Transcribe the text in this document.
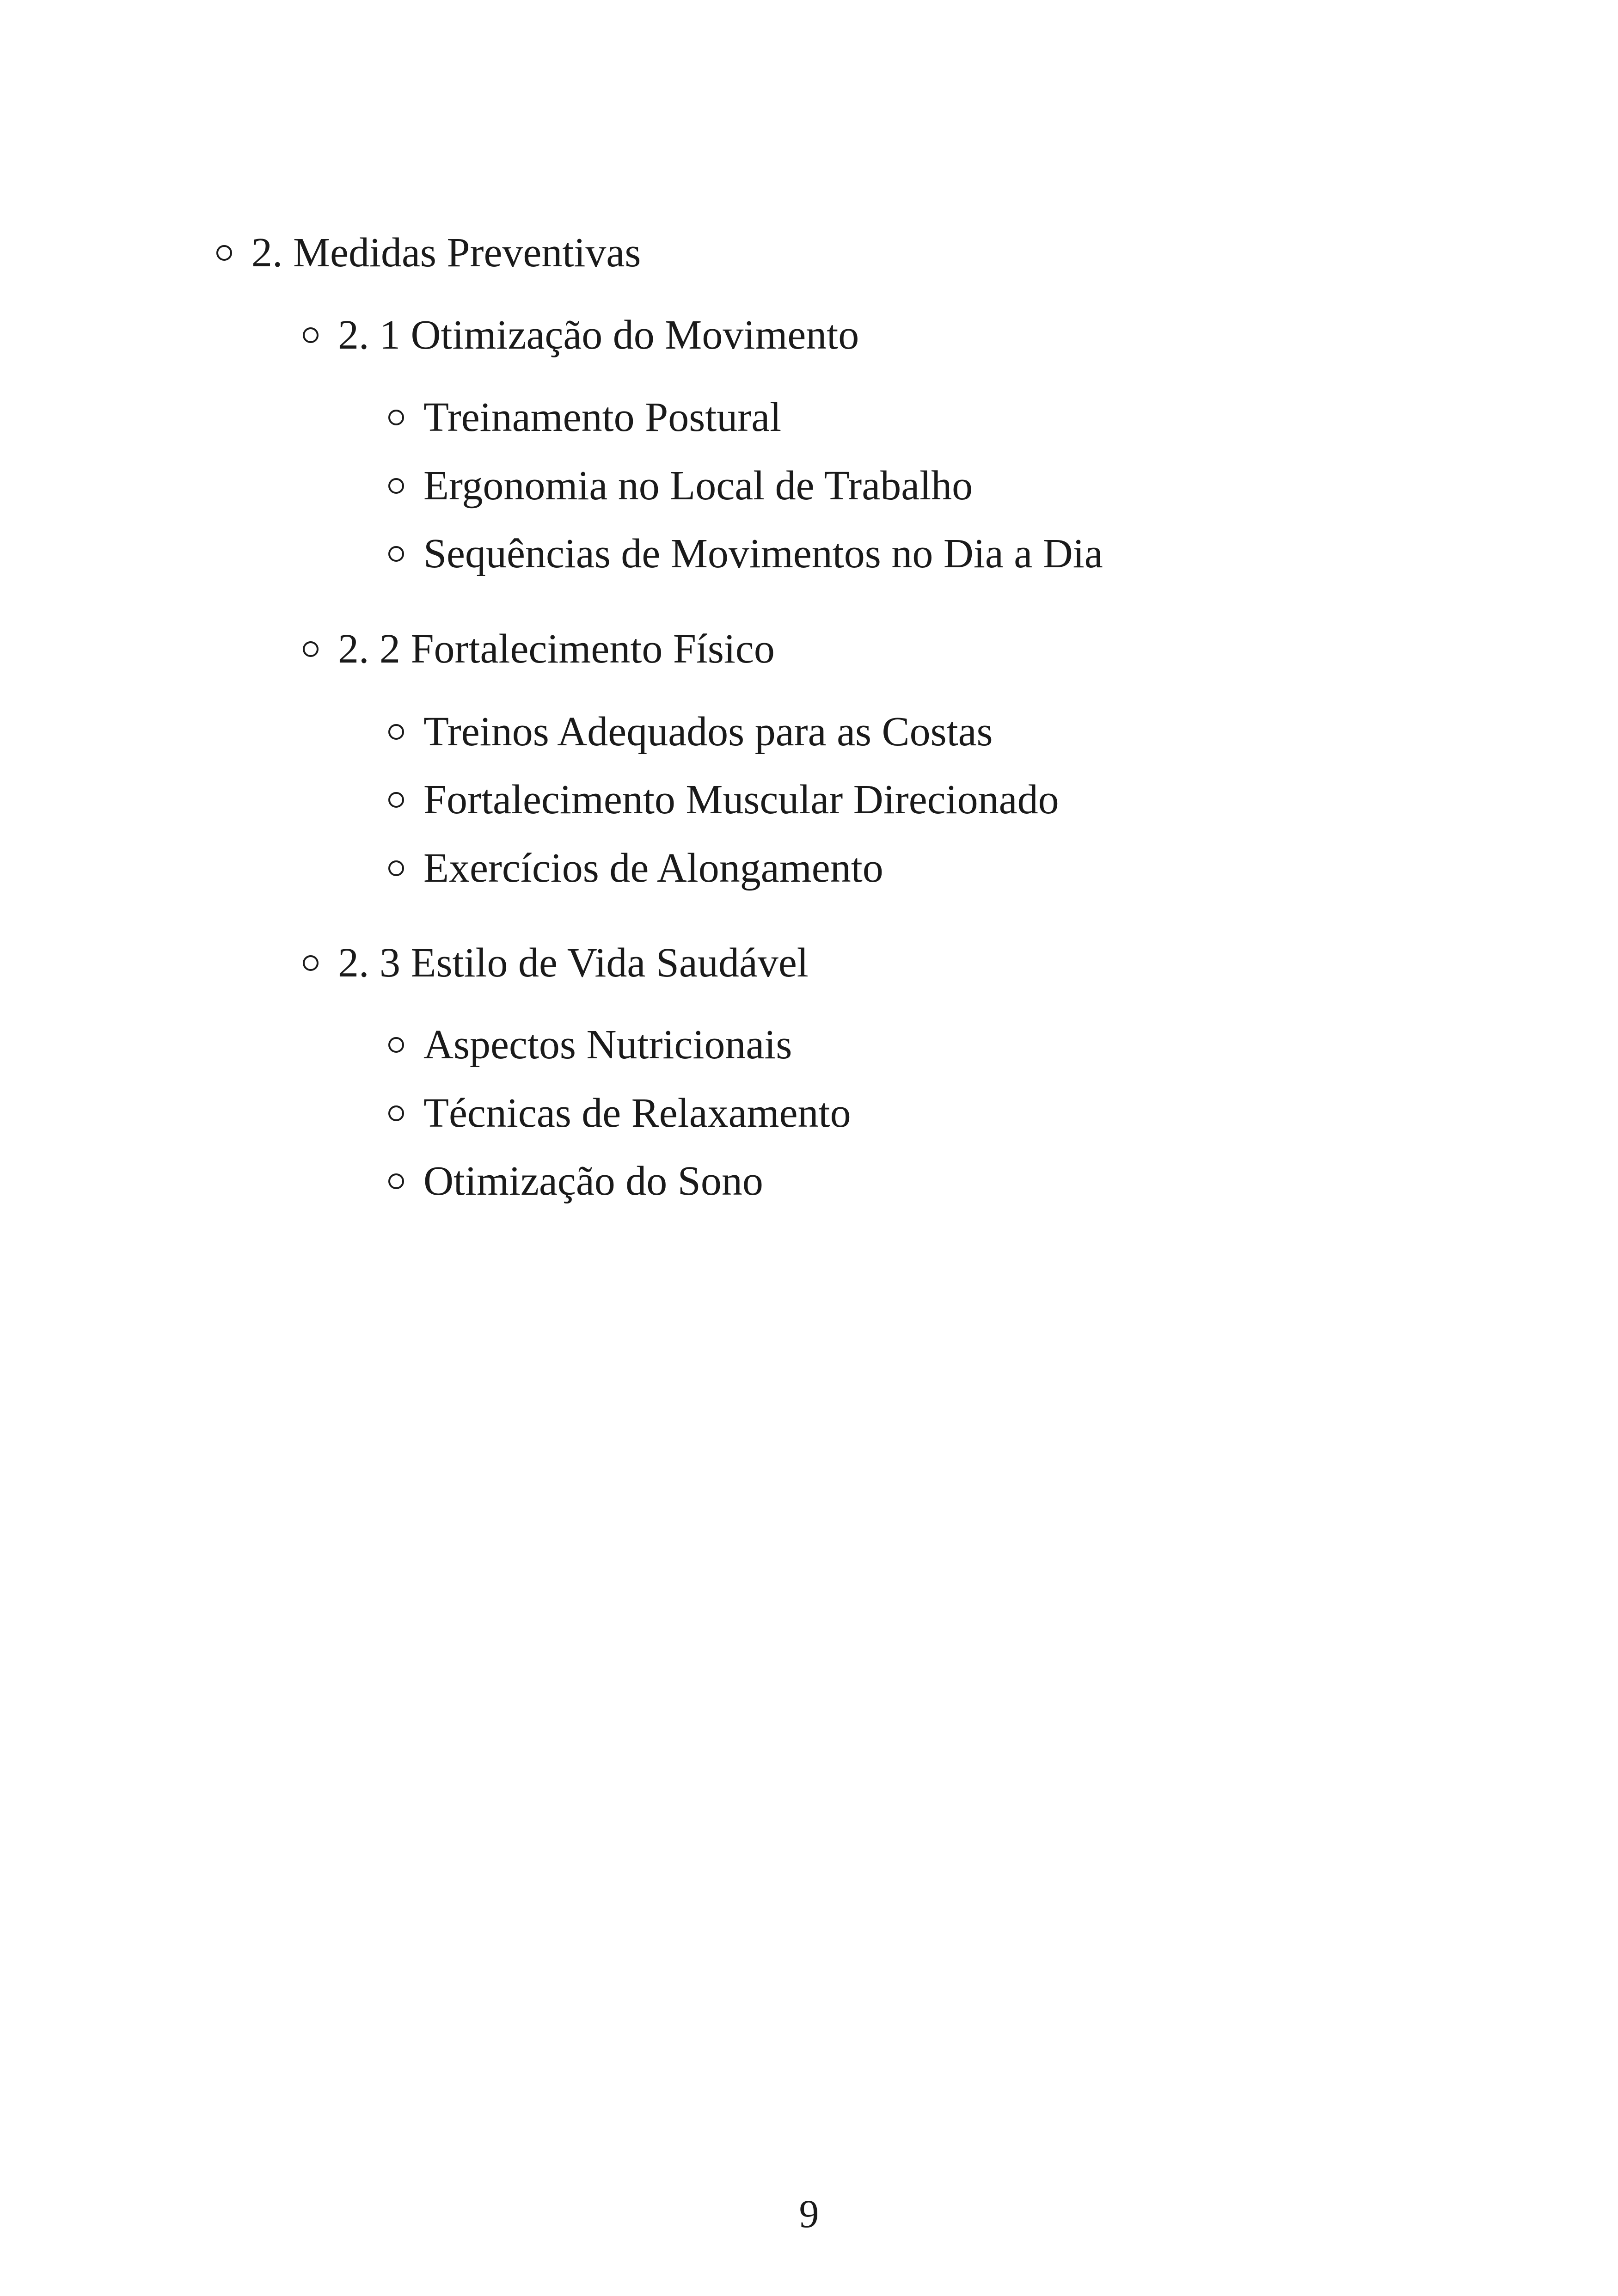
2. Medidas Preventivas
2. 1 Otimização do Movimento
Treinamento Postural
Ergonomia no Local de Trabalho
Sequências de Movimentos no Dia a Dia
2. 2 Fortalecimento Físico
Treinos Adequados para as Costas
Fortalecimento Muscular Direcionado
Exercícios de Alongamento
2. 3 Estilo de Vida Saudável
Aspectos Nutricionais
Técnicas de Relaxamento
Otimização do Sono
9
